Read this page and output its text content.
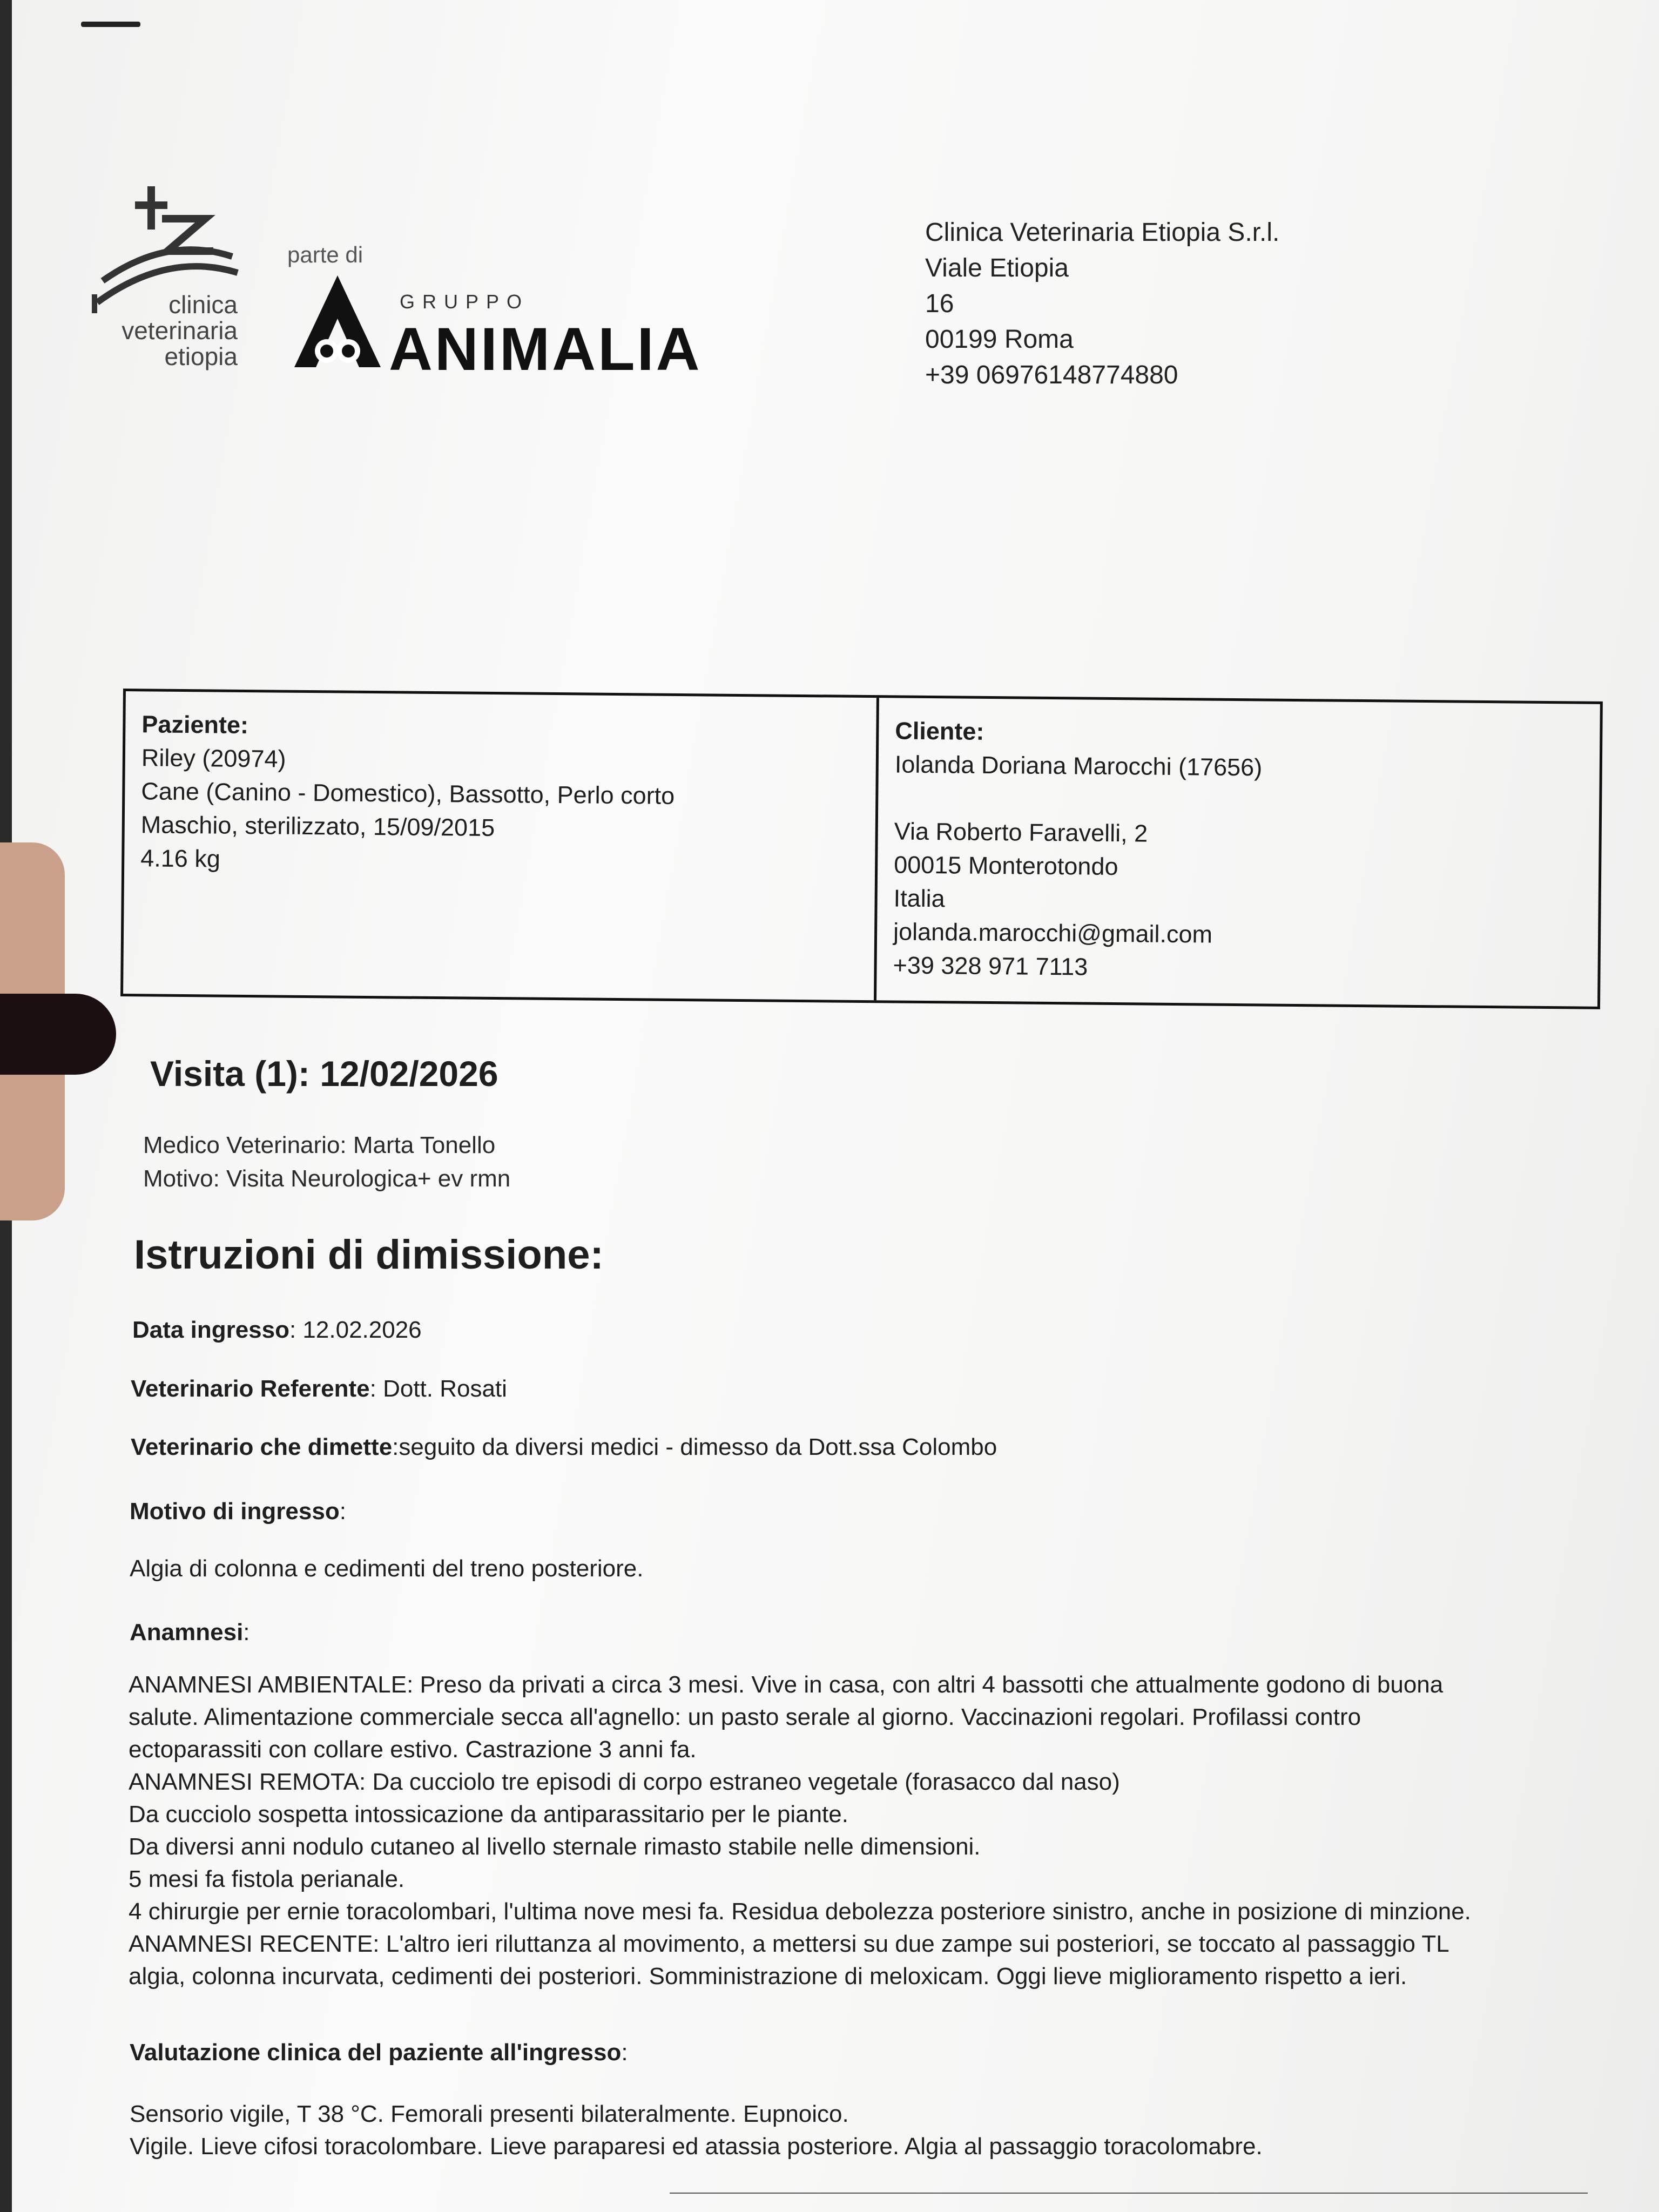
clinica
veterinaria
etiopia
parte di
GRUPPO
ANIMALIA
Clinica Veterinaria Etiopia S.r.l.
Viale Etiopia
16
00199 Roma
+39 06976148774880
Paziente:
Riley (20974)
Cane (Canino - Domestico), Bassotto, Perlo corto
Maschio, sterilizzato, 15/09/2015
4.16 kg
Cliente:
Iolanda Doriana Marocchi (17656)
Via Roberto Faravelli, 2
00015 Monterotondo
Italia
jolanda.marocchi@gmail.com
+39 328 971 7113
Visita (1): 12/02/2026
Medico Veterinario: Marta Tonello
Motivo: Visita Neurologica+ ev rmn
Istruzioni di dimissione:
Data ingresso: 12.02.2026
Veterinario Referente: Dott. Rosati
Veterinario che dimette:seguito da diversi medici - dimesso da Dott.ssa Colombo
Motivo di ingresso:
Algia di colonna e cedimenti del treno posteriore.
Anamnesi:
ANAMNESI AMBIENTALE: Preso da privati a circa 3 mesi. Vive in casa, con altri 4 bassotti che attualmente godono di buona
salute. Alimentazione commerciale secca all'agnello: un pasto serale al giorno. Vaccinazioni regolari. Profilassi contro
ectoparassiti con collare estivo. Castrazione 3 anni fa.
ANAMNESI REMOTA: Da cucciolo tre episodi di corpo estraneo vegetale (forasacco dal naso)
Da cucciolo sospetta intossicazione da antiparassitario per le piante.
Da diversi anni nodulo cutaneo al livello sternale rimasto stabile nelle dimensioni.
5 mesi fa fistola perianale.
4 chirurgie per ernie toracolombari, l'ultima nove mesi fa. Residua debolezza posteriore sinistro, anche in posizione di minzione.
ANAMNESI RECENTE: L'altro ieri riluttanza al movimento, a mettersi su due zampe sui posteriori, se toccato al passaggio TL
algia, colonna incurvata, cedimenti dei posteriori. Somministrazione di meloxicam. Oggi lieve miglioramento rispetto a ieri.
Valutazione clinica del paziente all'ingresso:
Sensorio vigile, T 38 °C. Femorali presenti bilateralmente. Eupnoico.
Vigile. Lieve cifosi toracolombare. Lieve paraparesi ed atassia posteriore. Algia al passaggio toracolomabre.
